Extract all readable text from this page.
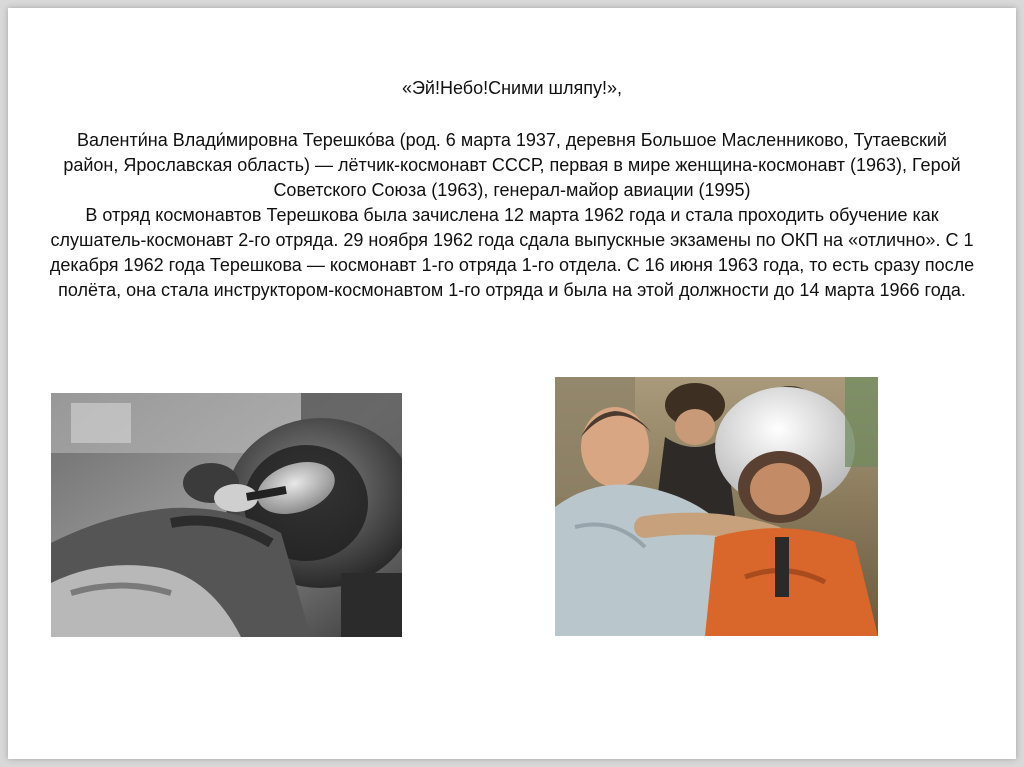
«Эй!Небо!Сними шляпу!»,

Валенти́на Влади́мировна Терешко́ва (род. 6 марта 1937, деревня Большое Масленниково, Тутаевский район, Ярославская область) — лётчик-космонавт СССР, первая в мире женщина-космонавт (1963), Герой Советского Союза (1963), генерал-майор авиации (1995)

В отряд космонавтов Терешкова была зачислена 12 марта 1962 года и стала проходить обучение как слушатель-космонавт 2-го отряда. 29 ноября 1962 года сдала выпускные экзамены по ОКП на «отлично». С 1 декабря 1962 года Терешкова — космонавт 1-го отряда 1-го отдела. С 16 июня 1963 года, то есть сразу после полёта, она стала инструктором-космонавтом 1-го отряда и была на этой должности до 14 марта 1966 года.
